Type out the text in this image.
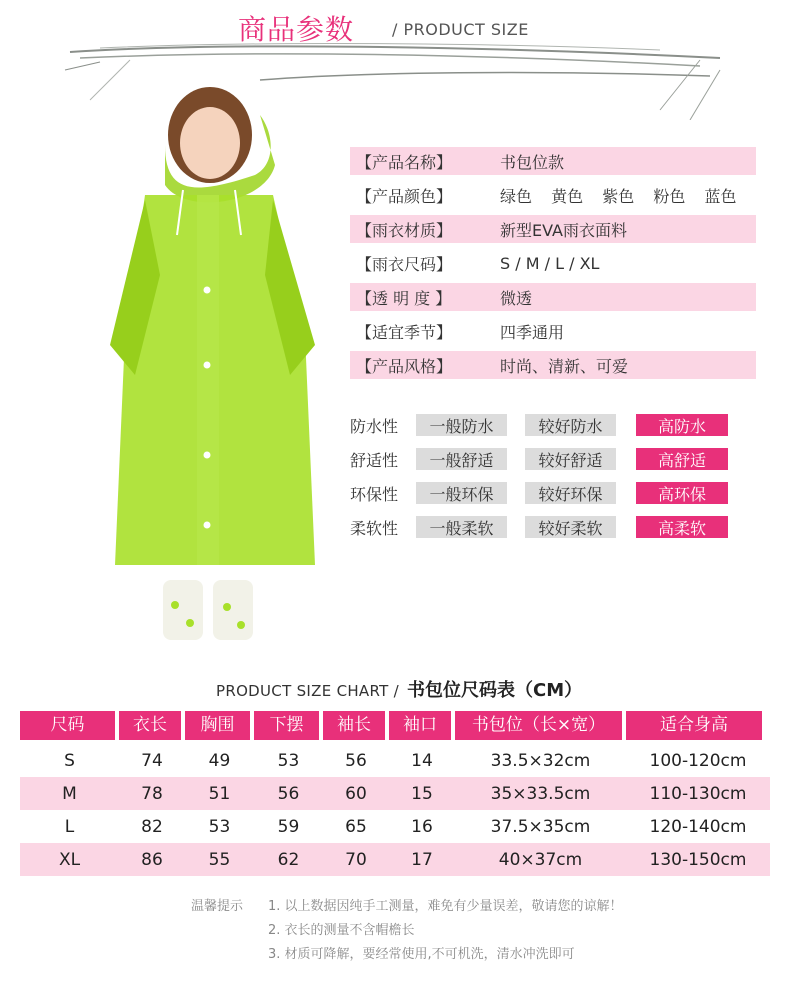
商品参数 / PRODUCT SIZE
【产品名称】	书包位款
【产品颜色】	绿色 黄色 紫色 粉色 蓝色
【雨衣材质】	新型EVA雨衣面料
【雨衣尺码】	S / M / L / XL
【透 明 度 】	微透
【适宜季节】	四季通用
【产品风格】	时尚、清新、可爱
防水性	一般防水	较好防水	高防水
舒适性	一般舒适	较好舒适	高舒适
环保性	一般环保	较好环保	高环保
柔软性	一般柔软	较好柔软	高柔软
PRODUCT SIZE CHART / 书包位尺码表（CM）
尺码	衣长	胸围	下摆	袖长	袖口	书包位（长×宽）	适合身高
S	74	49	53	56	14	33.5×32cm	100-120cm
M	78	51	56	60	15	35×33.5cm	110-130cm
L	82	53	59	65	16	37.5×35cm	120-140cm
XL	86	55	62	70	17	40×37cm	130-150cm
温馨提示 1. 以上数据因纯手工测量，难免有少量误差，敬请您的谅解！
2. 衣长的测量不含帽檐长
3. 材质可降解，要经常使用,不可机洗，清水冲洗即可
